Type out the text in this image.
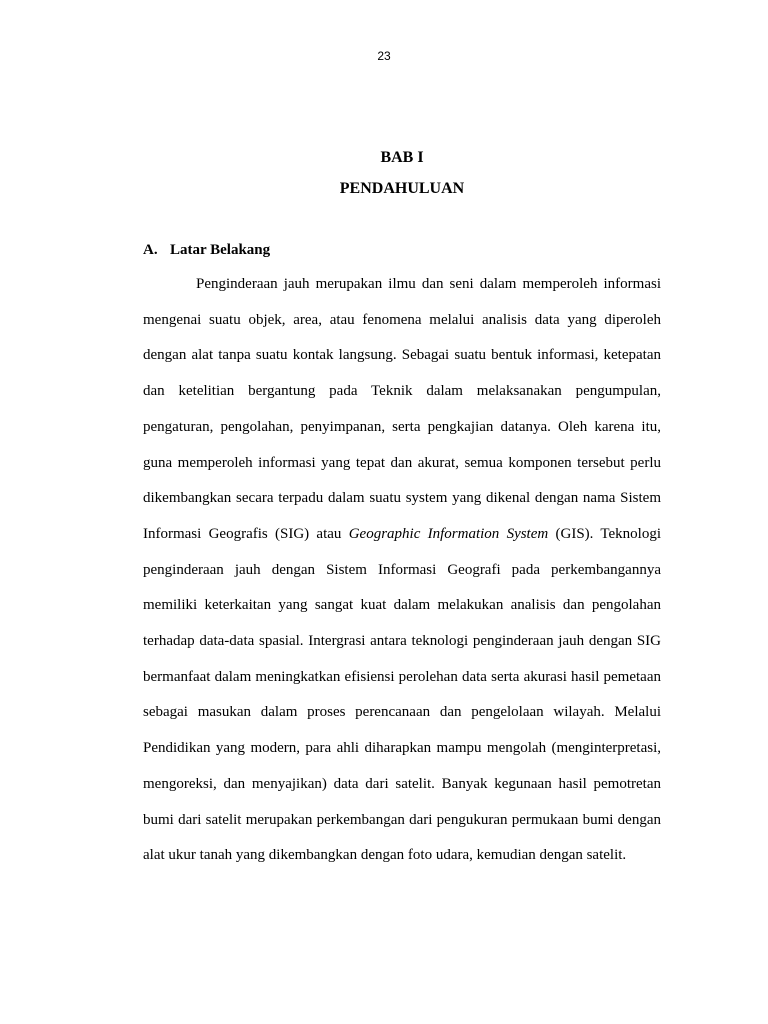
23
BAB I
PENDAHULUAN
A. Latar Belakang

Penginderaan jauh merupakan ilmu dan seni dalam memperoleh informasi mengenai suatu objek, area, atau fenomena melalui analisis data yang diperoleh dengan alat tanpa suatu kontak langsung. Sebagai suatu bentuk informasi, ketepatan dan ketelitian bergantung pada Teknik dalam melaksanakan pengumpulan, pengaturan, pengolahan, penyimpanan, serta pengkajian datanya. Oleh karena itu, guna memperoleh informasi yang tepat dan akurat, semua komponen tersebut perlu dikembangkan secara terpadu dalam suatu system yang dikenal dengan nama Sistem Informasi Geografis (SIG) atau Geographic Information System (GIS). Teknologi penginderaan jauh dengan Sistem Informasi Geografi pada perkembangannya memiliki keterkaitan yang sangat kuat dalam melakukan analisis dan pengolahan terhadap data-data spasial. Intergrasi antara teknologi penginderaan jauh dengan SIG bermanfaat dalam meningkatkan efisiensi perolehan data serta akurasi hasil pemetaan sebagai masukan dalam proses perencanaan dan pengelolaan wilayah. Melalui Pendidikan yang modern, para ahli diharapkan mampu mengolah (menginterpretasi, mengoreksi, dan menyajikan) data dari satelit. Banyak kegunaan hasil pemotretan bumi dari satelit merupakan perkembangan dari pengukuran permukaan bumi dengan alat ukur tanah yang dikembangkan dengan foto udara, kemudian dengan satelit.
